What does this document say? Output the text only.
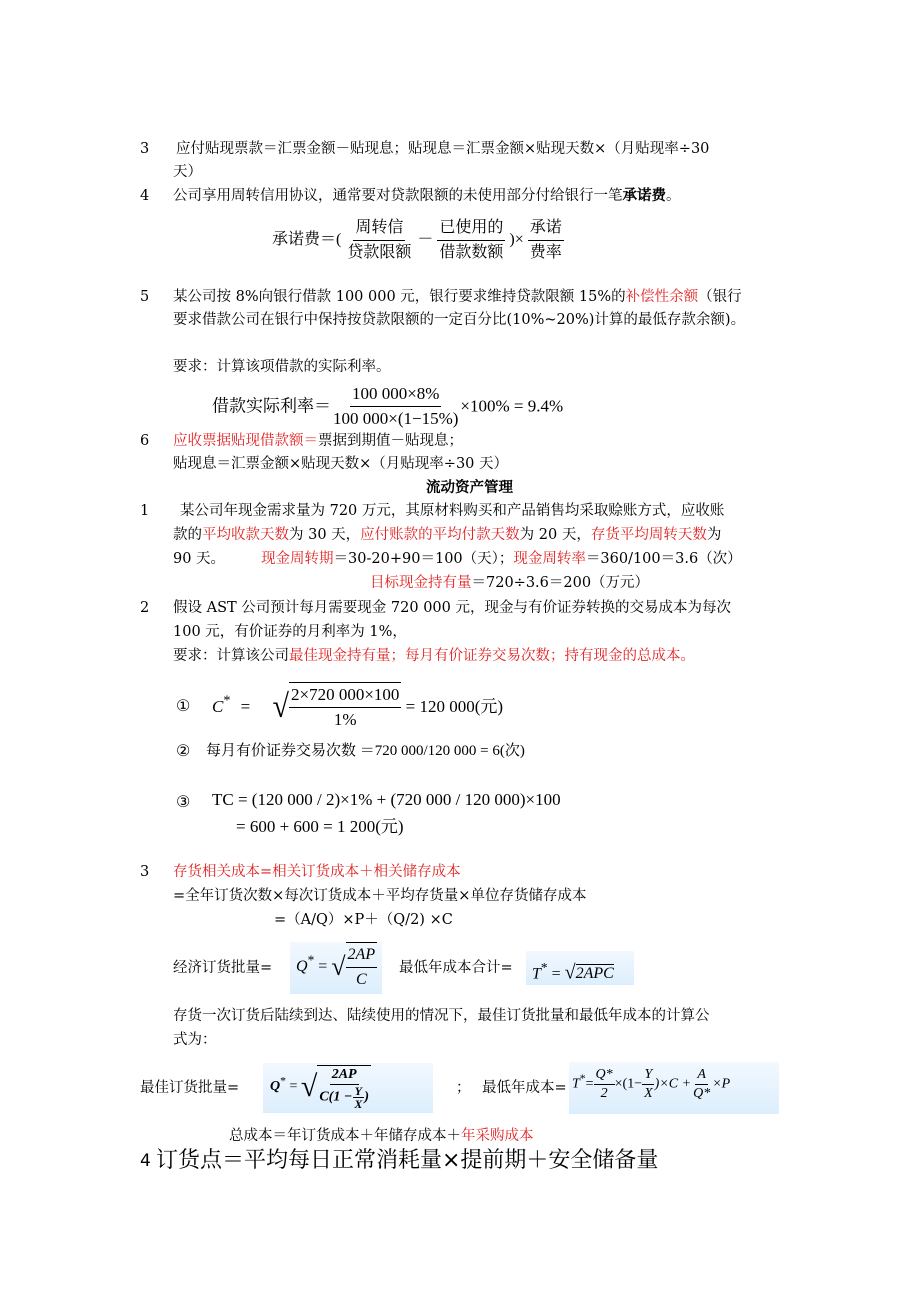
3 应付贴现票款＝汇票金额－贴现息；贴现息＝汇票金额×贴现天数×（月贴现率÷30
天）
4 公司享用周转信用协议，通常要对贷款限额的未使用部分付给银行一笔承诺费。
承诺费＝( $\frac{\text{周转信}}{\text{贷款限额}} - \frac{\text{已使用的}}{\text{借款数额}}$ )× $\frac{\text{承诺}}{\text{费率}}$
5 某公司按 8%向银行借款 100 000 元，银行要求维持贷款限额 15%的补偿性余额（银行
要求借款公司在银行中保持按贷款限额的一定百分比(10%~20%)计算的最低存款余额)。
要求：计算该项借款的实际利率。
借款实际利率＝ $\frac{100 000\times 8\%}{100 000\times(1-15\%)} \times 100\% = 9.4\%$
6 应收票据贴现借款额＝票据到期值－贴现息；
贴现息＝汇票金额×贴现天数×（月贴现率÷30 天）
流动资产管理
1 某公司年现金需求量为 720 万元，其原材料购买和产品销售均采取赊账方式，应收账
款的平均收款天数为 30 天，应付账款的平均付款天数为 20 天，存货平均周转天数为
90 天。 现金周转期＝30-20+90＝100（天）；现金周转率＝360/100＝3.6（次）
目标现金持有量＝720÷3.6＝200（万元）
2 假设 AST 公司预计每月需要现金 720 000 元，现金与有价证券转换的交易成本为每次
100 元，有价证券的月利率为 1%，
要求：计算该公司最佳现金持有量；每月有价证券交易次数；持有现金的总成本。
① C* = √ $\frac{2\times 720 000\times 100}{1\%} = 120$ 000(元)
② 每月有价证券交易次数 ＝720 000/120 000 = 6(次)
③ TC = (120 000 / 2)×1% + (720 000 / 120 000)×100
= 600 + 600 = 1 200(元)
3 存货相关成本=相关订货成本＋相关储存成本
=全年订货次数×每次订货成本＋平均存货量×单位存货储存成本
=（A/Q）×P＋（Q/2) ×C
经济订货批量= Q* = √ $\frac{2AP}{C}$ 最低年成本合计= T* = √2APC
存货一次订货后陆续到达、陆续使用的情况下，最佳订货批量和最低年成本的计算公
式为：
最佳订货批量= Q* = √ $\frac{2AP}{C(1 - \frac{Y}{X} )}$	； 最低年成本= $T^*= \frac{Q*}{2} \times(1- \frac{Y}{X} )\times C + \frac{A}{Q*} \times P$
总成本＝年订货成本＋年储存成本＋年采购成本
4 订货点＝平均每日正常消耗量×提前期＋安全储备量
